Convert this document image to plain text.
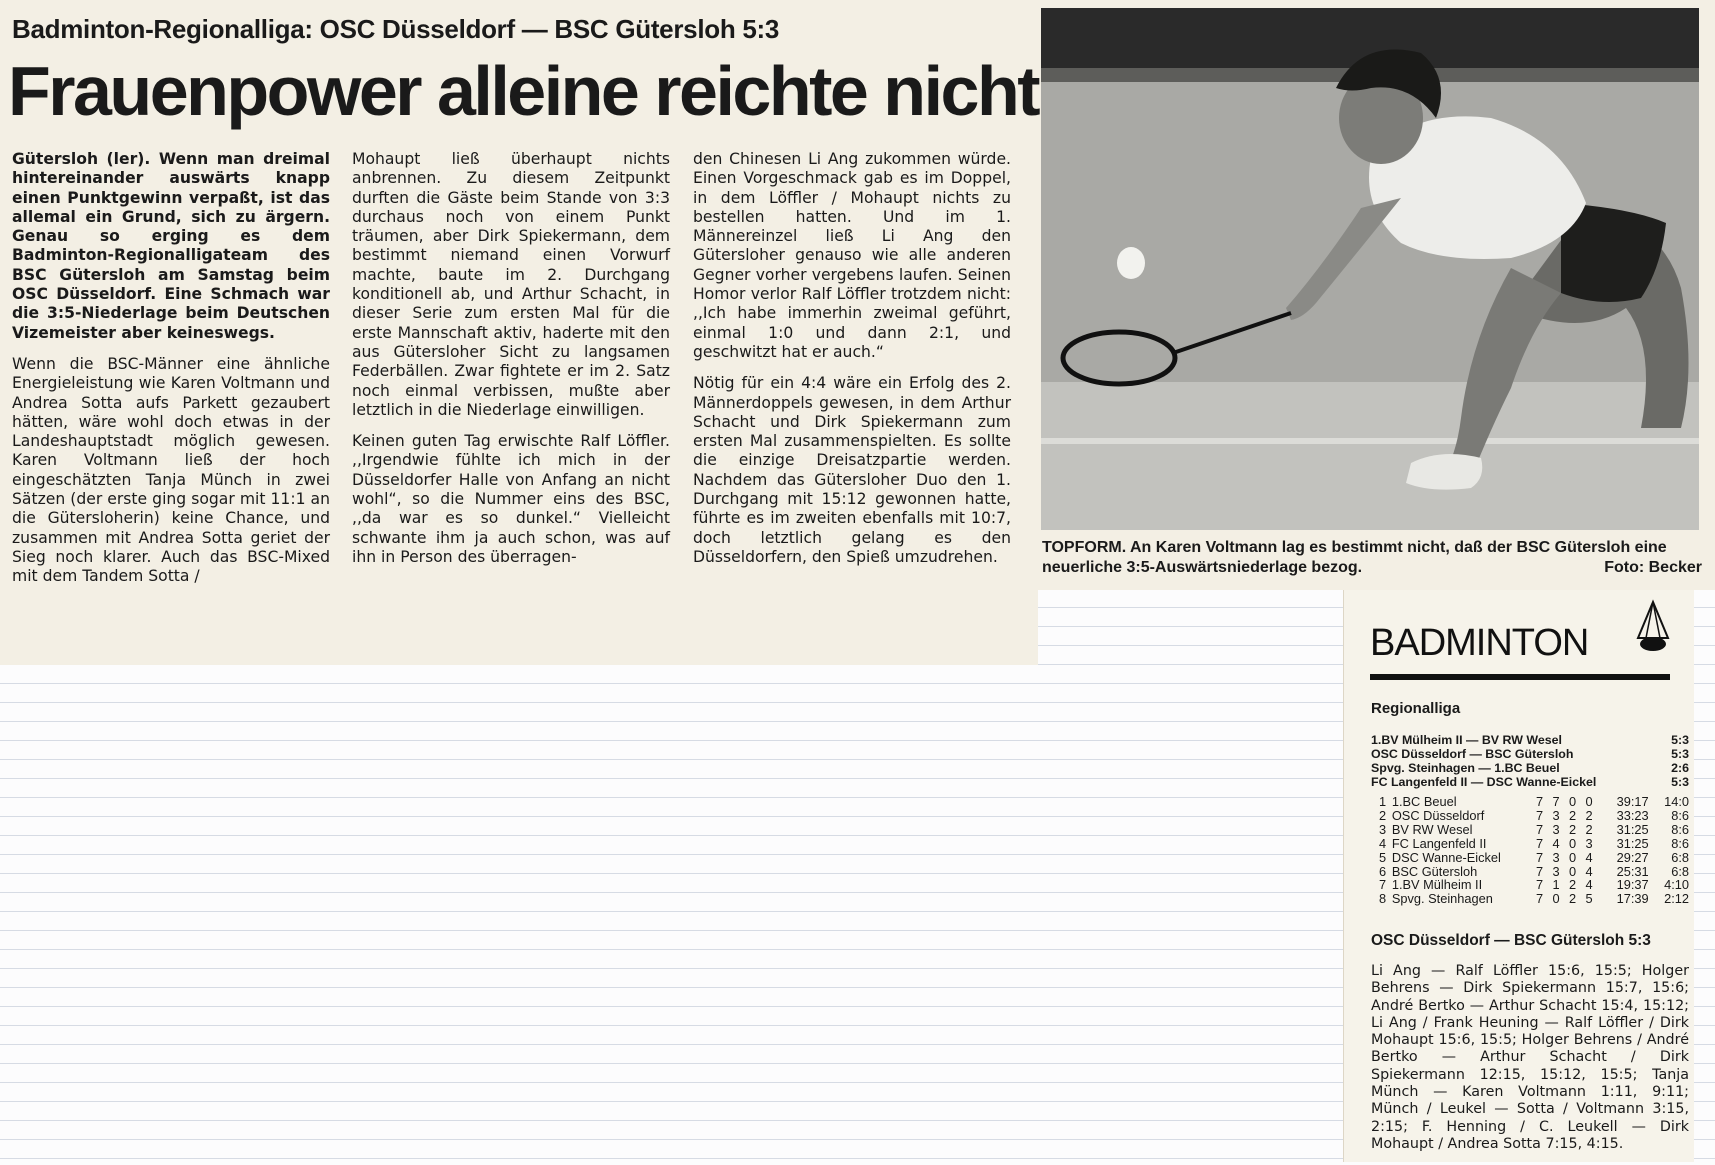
Badminton-Regionalliga: OSC Düsseldorf — BSC Gütersloh 5:3
Frauenpower alleine reichte nicht

Gütersloh (ler). Wenn man dreimal hintereinander auswärts knapp einen Punktgewinn verpaßt, ist das allemal ein Grund, sich zu ärgern. Genau so erging es dem Badminton-Regionalligateam des BSC Gütersloh am Samstag beim OSC Düsseldorf. Eine Schmach war die 3:5-Niederlage beim Deutschen Vizemeister aber keineswegs.

Wenn die BSC-Männer eine ähnliche Energieleistung wie Karen Voltmann und Andrea Sotta aufs Parkett gezaubert hätten, wäre wohl doch etwas in der Landeshauptstadt möglich gewesen. Karen Voltmann ließ der hoch eingeschätzten Tanja Münch in zwei Sätzen (der erste ging sogar mit 11:1 an die Gütersloherin) keine Chance, und zusammen mit Andrea Sotta geriet der Sieg noch klarer. Auch das BSC-Mixed mit dem Tandem Sotta /

Mohaupt ließ überhaupt nichts anbrennen. Zu diesem Zeitpunkt durften die Gäste beim Stande von 3:3 durchaus noch von einem Punkt träumen, aber Dirk Spiekermann, dem bestimmt niemand einen Vorwurf machte, baute im 2. Durchgang konditionell ab, und Arthur Schacht, in dieser Serie zum ersten Mal für die erste Mannschaft aktiv, haderte mit den aus Gütersloher Sicht zu langsamen Federbällen. Zwar fightete er im 2. Satz noch einmal verbissen, mußte aber letztlich in die Niederlage einwilligen.

Keinen guten Tag erwischte Ralf Löffler. ,,Irgendwie fühlte ich mich in der Düsseldorfer Halle von Anfang an nicht wohl“, so die Nummer eins des BSC, ,,da war es so dunkel.“ Vielleicht schwante ihm ja auch schon, was auf ihn in Person des überragen-

den Chinesen Li Ang zukommen würde. Einen Vorgeschmack gab es im Doppel, in dem Löffler / Mohaupt nichts zu bestellen hatten. Und im 1. Männereinzel ließ Li Ang den Gütersloher genauso wie alle anderen Gegner vorher vergebens laufen. Seinen Homor verlor Ralf Löffler trotzdem nicht: ,,Ich habe immerhin zweimal geführt, einmal 1:0 und dann 2:1, und geschwitzt hat er auch.“

Nötig für ein 4:4 wäre ein Erfolg des 2. Männerdoppels gewesen, in dem Arthur Schacht und Dirk Spiekermann zum ersten Mal zusammenspielten. Es sollte die einzige Dreisatzpartie werden. Nachdem das Gütersloher Duo den 1. Durchgang mit 15:12 gewonnen hatte, führte es im zweiten ebenfalls mit 10:7, doch letztlich gelang es den Düsseldorfern, den Spieß umzudrehen.

TOPFORM. An Karen Voltmann lag es bestimmt nicht, daß der BSC Gütersloh eine neuerliche 3:5-Auswärtsniederlage bezog.	Foto: Becker
BADMINTON
Regionalliga
1.BV Mülheim II — BV RW Wesel	5:3
OSC Düsseldorf — BSC Gütersloh	5:3
Spvg. Steinhagen — 1.BC Beuel	2:6
FC Langenfeld II — DSC Wanne-Eickel	5:3
1 1.BC Beuel	7 7 0 0	39:17	14:0
2 OSC Düsseldorf	7 3 2 2	33:23	8:6
3 BV RW Wesel	7 3 2 2	31:25	8:6
4 FC Langenfeld II	7 4 0 3	31:25	8:6
5 DSC Wanne-Eickel	7 3 0 4	29:27	6:8
6 BSC Gütersloh	7 3 0 4	25:31	6:8
7 1.BV Mülheim II	7 1 2 4	19:37	4:10
8 Spvg. Steinhagen	7 0 2 5	17:39	2:12
OSC Düsseldorf — BSC Gütersloh 5:3
Li Ang — Ralf Löffler 15:6, 15:5; Holger Behrens — Dirk Spiekermann 15:7, 15:6; André Bertko — Arthur Schacht 15:4, 15:12; Li Ang / Frank Heuning — Ralf Löffler / Dirk Mohaupt 15:6, 15:5; Holger Behrens / André Bertko — Arthur Schacht / Dirk Spiekermann 12:15, 15:12, 15:5; Tanja Münch — Karen Voltmann 1:11, 9:11; Münch / Leukel — Sotta / Voltmann 3:15, 2:15; F. Henning / C. Leukell — Dirk Mohaupt / Andrea Sotta 7:15, 4:15.
